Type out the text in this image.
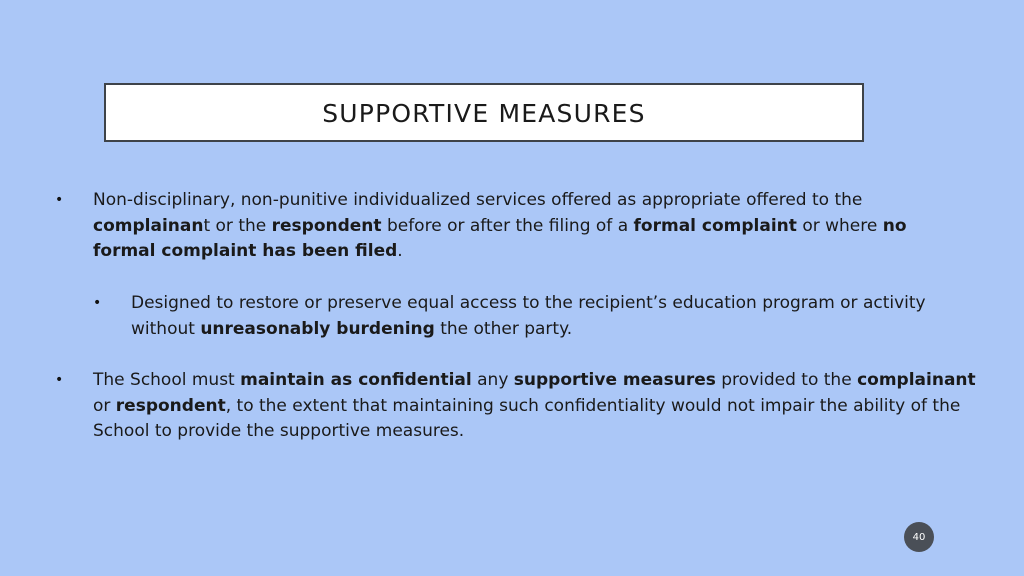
SUPPORTIVE MEASURES
• Non-disciplinary, non-punitive individualized services offered as appropriate offered to the complainant or the respondent before or after the filing of a formal complaint or where no formal complaint has been filed.
• Designed to restore or preserve equal access to the recipient’s education program or activity without unreasonably burdening the other party.
• The School must maintain as confidential any supportive measures provided to the complainant or respondent, to the extent that maintaining such confidentiality would not impair the ability of the School to provide the supportive measures.
40
